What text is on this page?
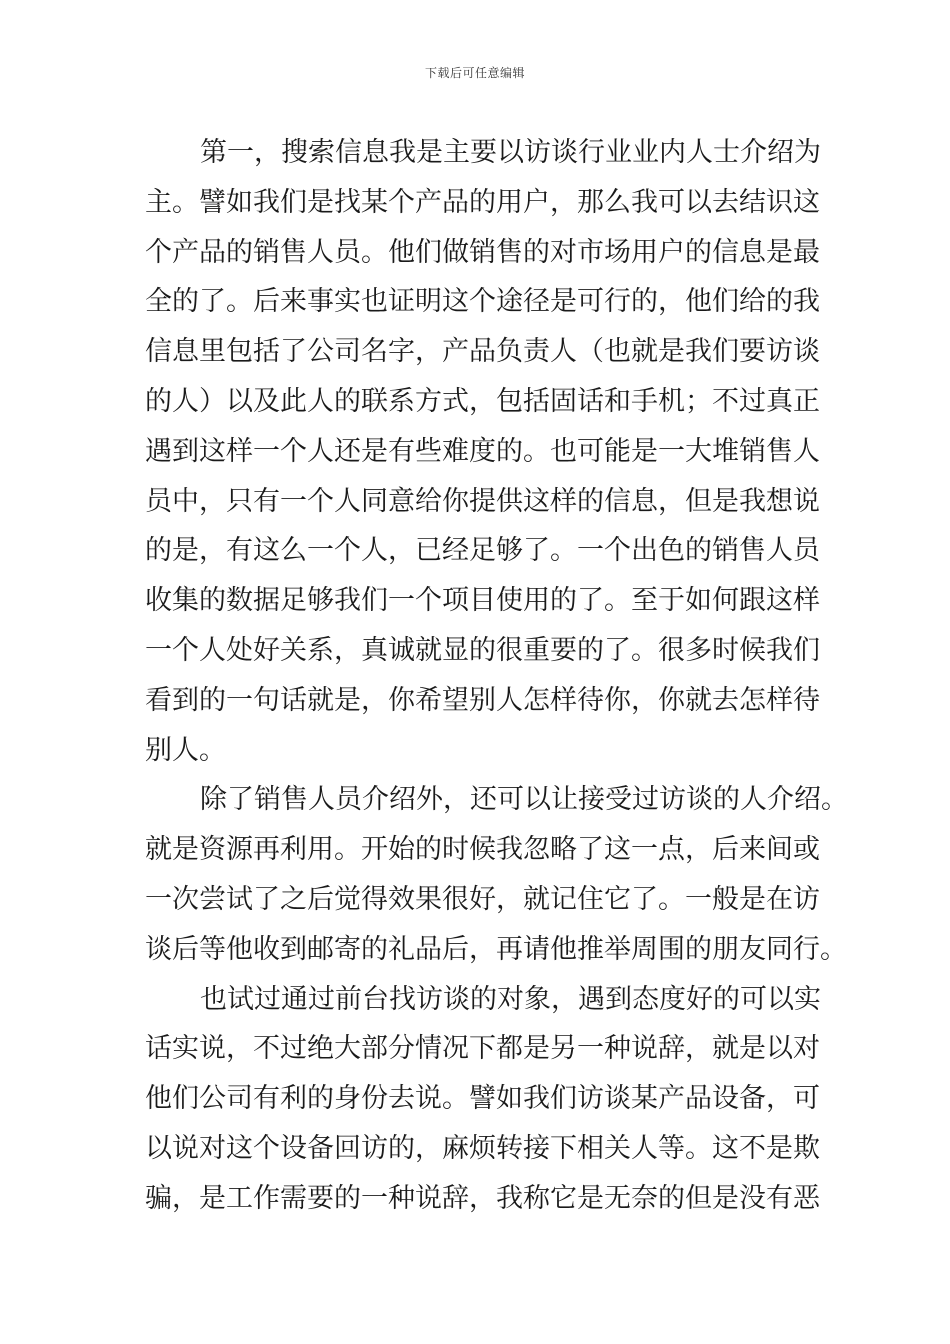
下载后可任意编辑
第一，搜索信息我是主要以访谈行业业内人士介绍为
主。譬如我们是找某个产品的用户，那么我可以去结识这
个产品的销售人员。他们做销售的对市场用户的信息是最
全的了。后来事实也证明这个途径是可行的，他们给的我
信息里包括了公司名字，产品负责人（也就是我们要访谈
的人）以及此人的联系方式，包括固话和手机；不过真正
遇到这样一个人还是有些难度的。也可能是一大堆销售人
员中，只有一个人同意给你提供这样的信息，但是我想说
的是，有这么一个人，已经足够了。一个出色的销售人员
收集的数据足够我们一个项目使用的了。至于如何跟这样
一个人处好关系，真诚就显的很重要的了。很多时候我们
看到的一句话就是，你希望别人怎样待你，你就去怎样待
别人。
除了销售人员介绍外，还可以让接受过访谈的人介绍。
就是资源再利用。开始的时候我忽略了这一点，后来间或
一次尝试了之后觉得效果很好，就记住它了。一般是在访
谈后等他收到邮寄的礼品后，再请他推举周围的朋友同行。
也试过通过前台找访谈的对象，遇到态度好的可以实
话实说，不过绝大部分情况下都是另一种说辞，就是以对
他们公司有利的身份去说。譬如我们访谈某产品设备，可
以说对这个设备回访的，麻烦转接下相关人等。这不是欺
骗，是工作需要的一种说辞，我称它是无奈的但是没有恶
